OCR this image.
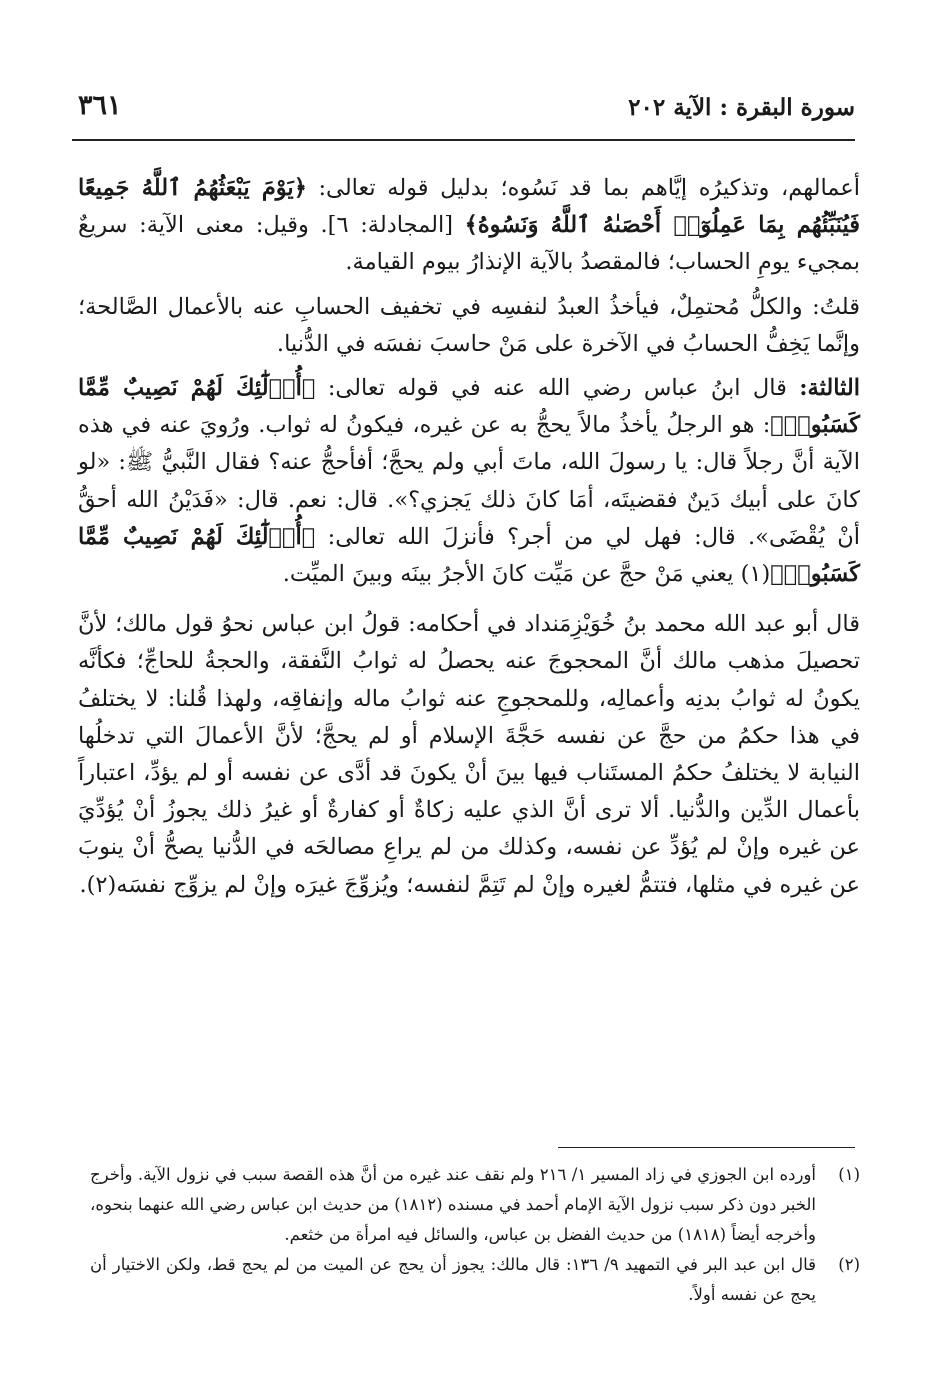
سورة البقرة : الآية ٢٠٢
٣٦١

أعمالهم، وتذكيرُه إيَّاهم بما قد نَسُوه؛ بدليل قوله تعالى: ﴿يَوْمَ يَبْعَثُهُمُ ٱللَّهُ جَمِيعًا فَيُنَبِّئُهُم بِمَا عَمِلُوٓا۟ أَحْصَىٰهُ ٱللَّهُ وَنَسُوهُ﴾ [المجادلة: ٦]. وقيل: معنى الآية: سريعٌ بمجيء يومِ الحساب؛ فالمقصدُ بالآية الإنذارُ بيوم القيامة.

قلتُ: والكلُّ مُحتمِلٌ، فيأخذُ العبدُ لنفسِه في تخفيف الحسابِ عنه بالأعمال الصَّالحة؛ وإنَّما يَخِفُّ الحسابُ في الآخرة على مَنْ حاسبَ نفسَه في الدُّنيا.

الثالثة: قال ابنُ عباس رضي الله عنه في قوله تعالى: ﴿أُو۟لَٰٓئِكَ لَهُمْ نَصِيبٌ مِّمَّا كَسَبُوا۟﴾: هو الرجلُ يأخذُ مالاً يحجُّ به عن غيره، فيكونُ له ثواب. ورُويَ عنه في هذه الآية أنَّ رجلاً قال: يا رسولَ الله، ماتَ أبي ولم يحجَّ؛ أفأحجُّ عنه؟ فقال النَّبيُّ ﷺ: «لو كانَ على أبيك دَينٌ فقضيتَه، أمَا كانَ ذلك يَجزي؟». قال: نعم. قال: «فَدَيْنُ الله أحقُّ أنْ يُقْضَى». قال: فهل لي من أجر؟ فأنزلَ الله تعالى: ﴿أُو۟لَٰٓئِكَ لَهُمْ نَصِيبٌ مِّمَّا كَسَبُوا۟﴾(١) يعني مَنْ حجَّ عن مَيِّت كانَ الأجرُ بينَه وبينَ الميِّت.

قال أبو عبد الله محمد بنُ خُوَيْزِمَنداد في أحكامه: قولُ ابن عباس نحوُ قول مالك؛ لأنَّ تحصيلَ مذهب مالك أنَّ المحجوجَ عنه يحصلُ له ثوابُ النَّفقة، والحجةُ للحاجِّ؛ فكأنَّه يكونُ له ثوابُ بدنِه وأعمالِه، وللمحجوجِ عنه ثوابُ ماله وإنفاقِه، ولهذا قُلنا: لا يختلفُ في هذا حكمُ من حجَّ عن نفسه حَجَّةَ الإسلام أو لم يحجَّ؛ لأنَّ الأعمالَ التي تدخلُها النيابة لا يختلفُ حكمُ المستَناب فيها بينَ أنْ يكونَ قد أدَّى عن نفسه أو لم يؤدِّ، اعتباراً بأعمال الدِّين والدُّنيا. ألا ترى أنَّ الذي عليه زكاةٌ أو كفارةٌ أو غيرُ ذلك يجوزُ أنْ يُؤدِّيَ عن غيره وإنْ لم يُؤدِّ عن نفسه، وكذلك من لم يراعِ مصالحَه في الدُّنيا يصحُّ أنْ ينوبَ عن غيره في مثلها، فتتمُّ لغيره وإنْ لم تَتِمَّ لنفسه؛ ويُزوِّجَ غيرَه وإنْ لم يزوِّج نفسَه(٢).

(١)
أورده ابن الجوزي في زاد المسير ١/ ٢١٦ ولم نقف عند غيره من أنَّ هذه القصة سبب في نزول الآية. وأخرج الخبر دون ذكر سبب نزول الآية الإمام أحمد في مسنده (١٨١٢) من حديث ابن عباس رضي الله عنهما بنحوه، وأخرجه أيضاً (١٨١٨) من حديث الفضل بن عباس، والسائل فيه امرأة من خثعم.
(٢)
قال ابن عبد البر في التمهيد ٩/ ١٣٦: قال مالك: يجوز أن يحج عن الميت من لم يحج قط، ولكن الاختيار أن يحج عن نفسه أولاً.
